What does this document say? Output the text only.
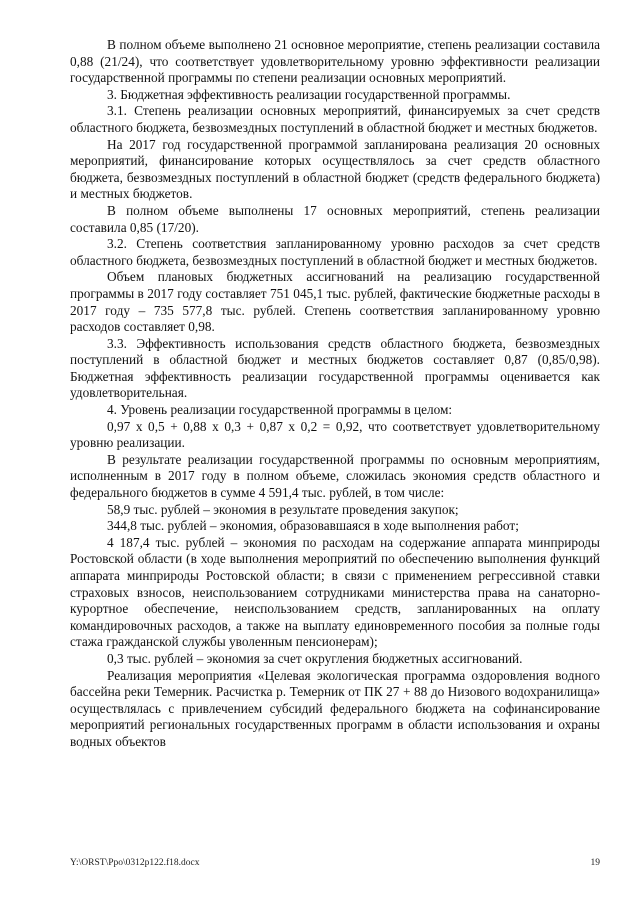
В полном объеме выполнено 21 основное мероприятие, степень реализации составила 0,88 (21/24), что соответствует удовлетворительному уровню эффективности реализации государственной программы по степени реализации основных мероприятий.

3. Бюджетная эффективность реализации государственной программы.

3.1. Степень реализации основных мероприятий, финансируемых за счет средств областного бюджета, безвозмездных поступлений в областной бюджет и местных бюджетов.

На 2017 год государственной программой запланирована реализация 20 основных мероприятий, финансирование которых осуществлялось за счет средств областного бюджета, безвозмездных поступлений в областной бюджет (средств федерального бюджета) и местных бюджетов.

В полном объеме выполнены 17 основных мероприятий, степень реализации составила 0,85 (17/20).

3.2. Степень соответствия запланированному уровню расходов за счет средств областного бюджета, безвозмездных поступлений в областной бюджет и местных бюджетов.

Объем плановых бюджетных ассигнований на реализацию государственной программы в 2017 году составляет 751 045,1 тыс. рублей, фактические бюджетные расходы в 2017 году – 735 577,8 тыс. рублей. Степень соответствия запланированному уровню расходов составляет 0,98.

3.3. Эффективность использования средств областного бюджета, безвозмездных поступлений в областной бюджет и местных бюджетов составляет 0,87 (0,85/0,98). Бюджетная эффективность реализации государственной программы оценивается как удовлетворительная.

4. Уровень реализации государственной программы в целом:

0,97 х 0,5 + 0,88 х 0,3 + 0,87 х 0,2 = 0,92, что соответствует удовлетворительному уровню реализации.

В результате реализации государственной программы по основным мероприятиям, исполненным в 2017 году в полном объеме, сложилась экономия средств областного и федерального бюджетов в сумме 4 591,4 тыс. рублей, в том числе:

58,9 тыс. рублей – экономия в результате проведения закупок;

344,8 тыс. рублей – экономия, образовавшаяся в ходе выполнения работ;

4 187,4 тыс. рублей – экономия по расходам на содержание аппарата минприроды Ростовской области (в ходе выполнения мероприятий по обеспечению выполнения функций аппарата минприроды Ростовской области; в связи с применением регрессивной ставки страховых взносов, неиспользованием сотрудниками министерства права на санаторно-курортное обеспечение, неиспользованием средств, запланированных на оплату командировочных расходов, а также на выплату единовременного пособия за полные годы стажа гражданской службы уволенным пенсионерам);

0,3 тыс. рублей – экономия за счет округления бюджетных ассигнований.

Реализация мероприятия «Целевая экологическая программа оздоровления водного бассейна реки Темерник. Расчистка р. Темерник от ПК 27 + 88 до Низового водохранилища» осуществлялась с привлечением субсидий федерального бюджета на софинансирование мероприятий региональных государственных программ в области использования и охраны водных объектов

Y:\ORST\Ppo\0312p122.f18.docx	19
